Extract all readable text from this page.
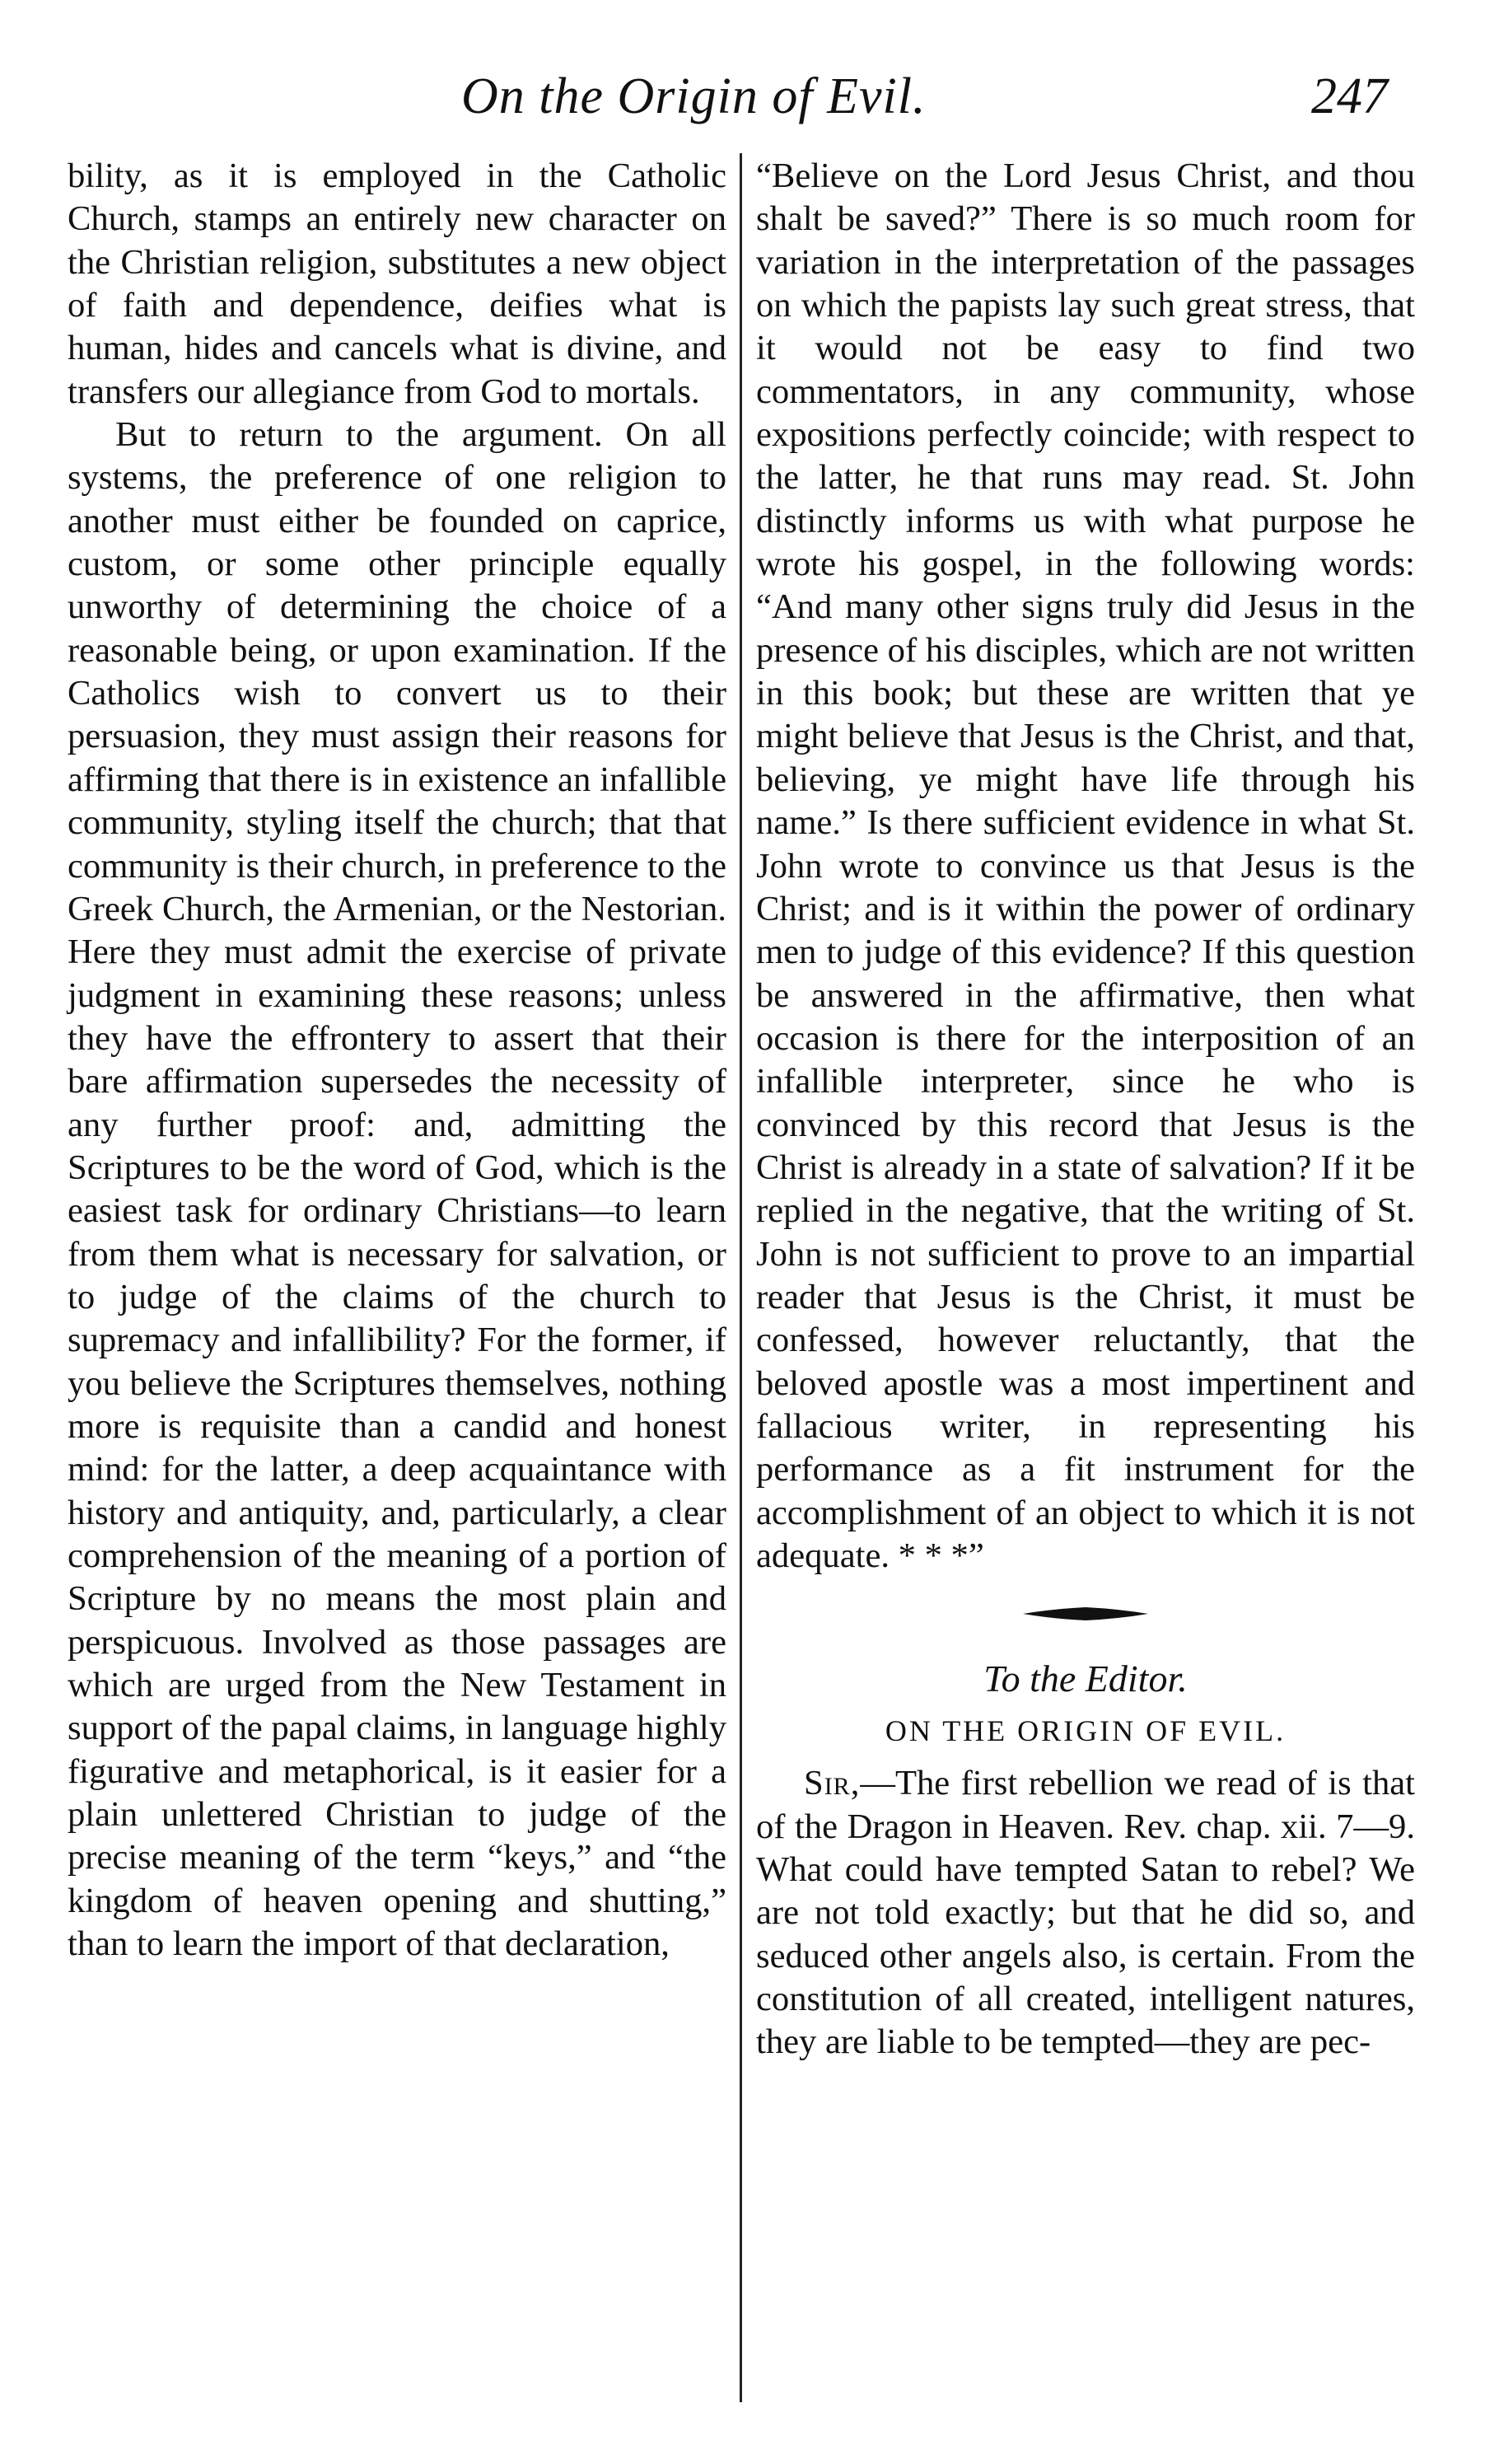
On the Origin of Evil.	247

bility, as it is employed in the Catholic Church, stamps an entirely new character on the Christian religion, substitutes a new object of faith and dependence, deifies what is human, hides and cancels what is divine, and transfers our allegiance from God to mortals.

But to return to the argument. On all systems, the preference of one religion to another must either be founded on caprice, custom, or some other principle equally unworthy of determining the choice of a reasonable being, or upon examination. If the Catholics wish to convert us to their persuasion, they must assign their reasons for affirming that there is in existence an infallible community, styling itself the church; that that community is their church, in preference to the Greek Church, the Armenian, or the Nestorian. Here they must admit the exercise of private judgment in examining these reasons; unless they have the effrontery to assert that their bare affirmation supersedes the necessity of any further proof: and, admitting the Scriptures to be the word of God, which is the easiest task for ordinary Christians—to learn from them what is necessary for salvation, or to judge of the claims of the church to supremacy and infallibility? For the former, if you believe the Scriptures themselves, nothing more is requisite than a candid and honest mind: for the latter, a deep acquaintance with history and antiquity, and, particularly, a clear comprehension of the meaning of a portion of Scripture by no means the most plain and perspicuous. Involved as those passages are which are urged from the New Testament in support of the papal claims, in language highly figurative and metaphorical, is it easier for a plain unlettered Christian to judge of the precise meaning of the term “keys,” and “the kingdom of heaven opening and shutting,” than to learn the import of that declaration,

“Believe on the Lord Jesus Christ, and thou shalt be saved?” There is so much room for variation in the interpretation of the passages on which the papists lay such great stress, that it would not be easy to find two commentators, in any community, whose expositions perfectly coincide; with respect to the latter, he that runs may read. St. John distinctly informs us with what purpose he wrote his gospel, in the following words: “And many other signs truly did Jesus in the presence of his disciples, which are not written in this book; but these are written that ye might believe that Jesus is the Christ, and that, believing, ye might have life through his name.” Is there sufficient evidence in what St. John wrote to convince us that Jesus is the Christ; and is it within the power of ordinary men to judge of this evidence? If this question be answered in the affirmative, then what occasion is there for the interposition of an infallible interpreter, since he who is convinced by this record that Jesus is the Christ is already in a state of salvation? If it be replied in the negative, that the writing of St. John is not sufficient to prove to an impartial reader that Jesus is the Christ, it must be confessed, however reluctantly, that the beloved apostle was a most impertinent and fallacious writer, in representing his performance as a fit instrument for the accomplishment of an object to which it is not adequate. * * *”

To the Editor.
ON THE ORIGIN OF EVIL.

Sir,—The first rebellion we read of is that of the Dragon in Heaven. Rev. chap. xii. 7—9. What could have tempted Satan to rebel? We are not told exactly; but that he did so, and seduced other angels also, is certain. From the constitution of all created, intelligent natures, they are liable to be tempted—they are pec-
